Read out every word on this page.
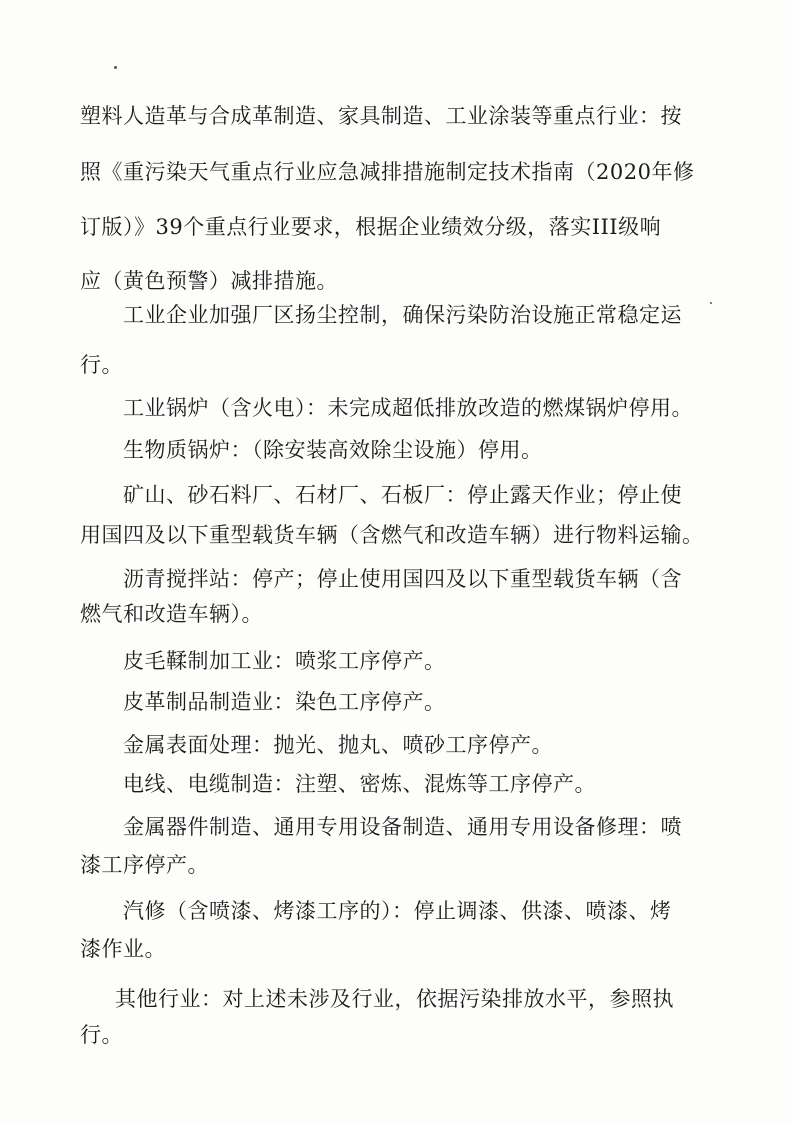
塑料人造革与合成革制造、家具制造、工业涂装等重点行业：按
照《重污染天气重点行业应急减排措施制定技术指南（2020年修
订版）》39个重点行业要求，根据企业绩效分级，落实III级响
应（黄色预警）减排措施。
工业企业加强厂区扬尘控制，确保污染防治设施正常稳定运
行。
工业锅炉（含火电）：未完成超低排放改造的燃煤锅炉停用。
生物质锅炉：（除安装高效除尘设施）停用。
矿山、砂石料厂、石材厂、石板厂：停止露天作业；停止使
用国四及以下重型载货车辆（含燃气和改造车辆）进行物料运输。
沥青搅拌站：停产；停止使用国四及以下重型载货车辆（含
燃气和改造车辆）。
皮毛鞣制加工业：喷浆工序停产。
皮革制品制造业：染色工序停产。
金属表面处理：抛光、抛丸、喷砂工序停产。
电线、电缆制造：注塑、密炼、混炼等工序停产。
金属器件制造、通用专用设备制造、通用专用设备修理：喷
漆工序停产。
汽修（含喷漆、烤漆工序的）：停止调漆、供漆、喷漆、烤
漆作业。
其他行业：对上述未涉及行业，依据污染排放水平，参照执
行。
